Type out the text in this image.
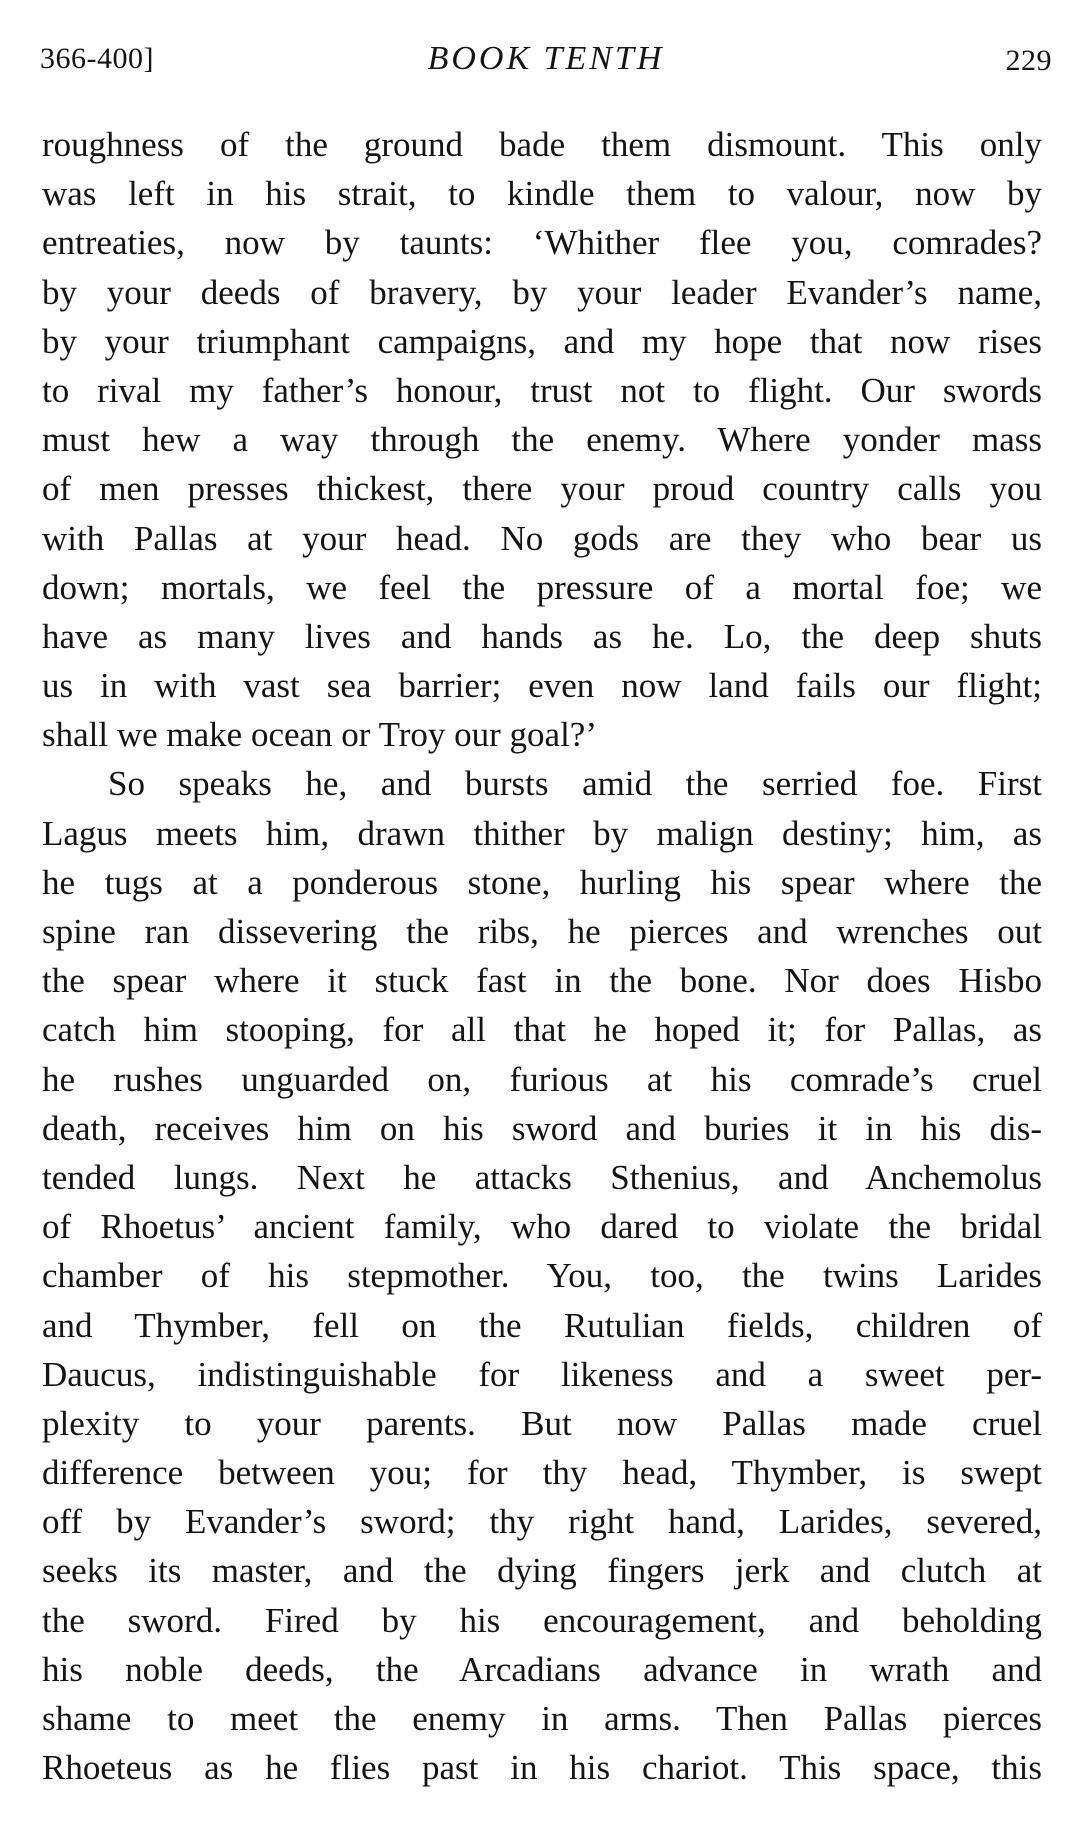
366-400]	BOOK TENTH	229
roughness of the ground bade them dismount. This only
was left in his strait, to kindle them to valour, now by
entreaties, now by taunts: ‘Whither flee you, comrades?
by your deeds of bravery, by your leader Evander’s name,
by your triumphant campaigns, and my hope that now rises
to rival my father’s honour, trust not to flight. Our swords
must hew a way through the enemy. Where yonder mass
of men presses thickest, there your proud country calls you
with Pallas at your head. No gods are they who bear us
down; mortals, we feel the pressure of a mortal foe; we
have as many lives and hands as he. Lo, the deep shuts
us in with vast sea barrier; even now land fails our flight;
shall we make ocean or Troy our goal?’
So speaks he, and bursts amid the serried foe. First
Lagus meets him, drawn thither by malign destiny; him, as
he tugs at a ponderous stone, hurling his spear where the
spine ran dissevering the ribs, he pierces and wrenches out
the spear where it stuck fast in the bone. Nor does Hisbo
catch him stooping, for all that he hoped it; for Pallas, as
he rushes unguarded on, furious at his comrade’s cruel
death, receives him on his sword and buries it in his dis-
tended lungs. Next he attacks Sthenius, and Anchemolus
of Rhoetus’ ancient family, who dared to violate the bridal
chamber of his stepmother. You, too, the twins Larides
and Thymber, fell on the Rutulian fields, children of
Daucus, indistinguishable for likeness and a sweet per-
plexity to your parents. But now Pallas made cruel
difference between you; for thy head, Thymber, is swept
off by Evander’s sword; thy right hand, Larides, severed,
seeks its master, and the dying fingers jerk and clutch at
the sword. Fired by his encouragement, and beholding
his noble deeds, the Arcadians advance in wrath and
shame to meet the enemy in arms. Then Pallas pierces
Rhoeteus as he flies past in his chariot. This space, this
